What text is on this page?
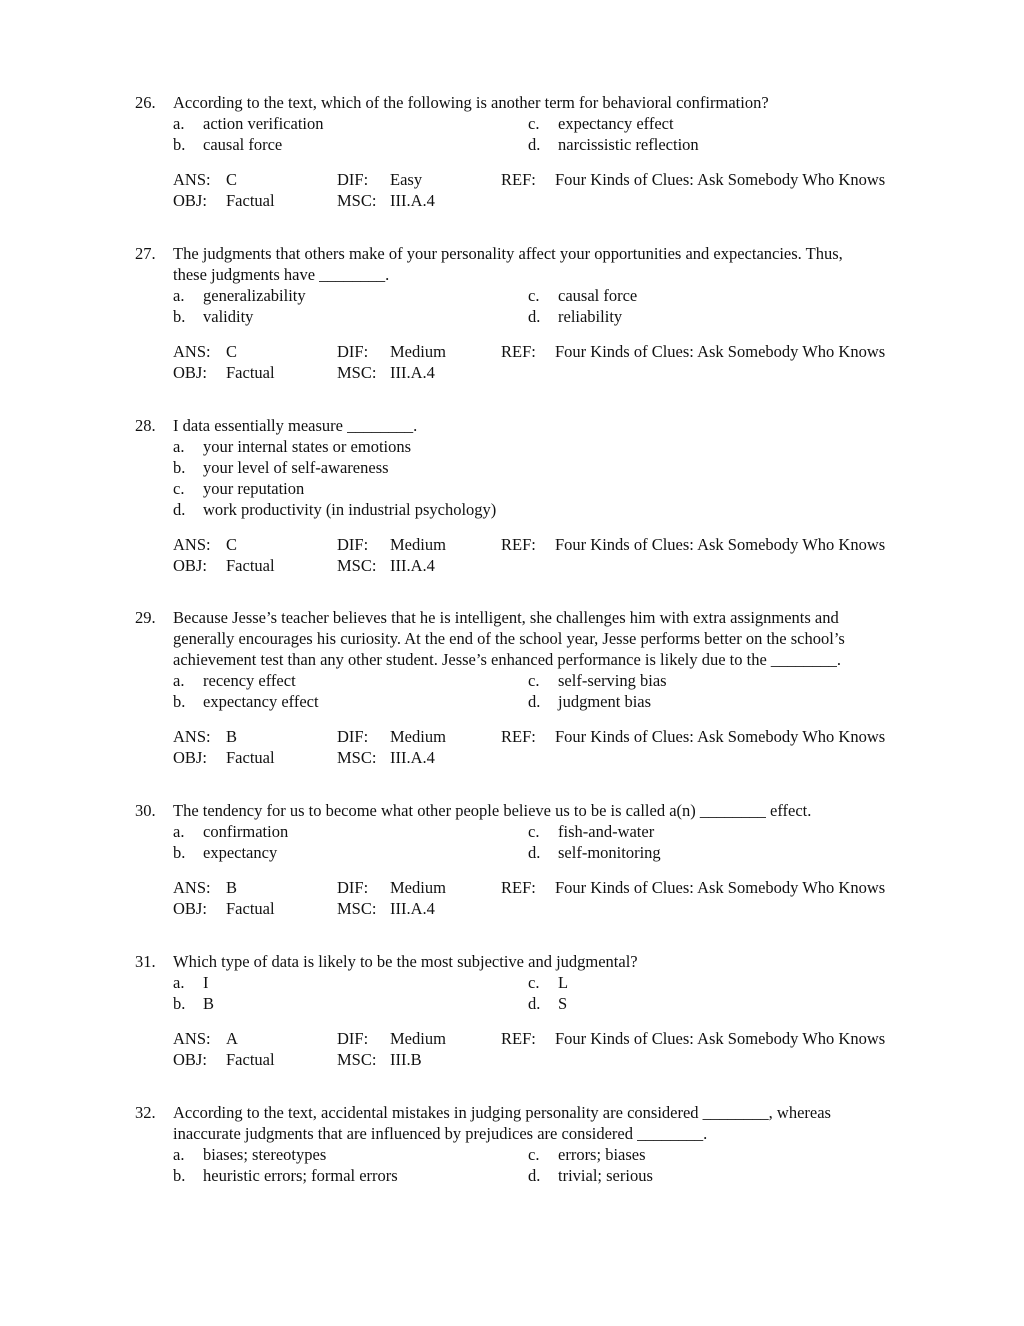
26.	According to the text, which of the following is another term for behavioral confirmation?
a.	action verification	c.	expectancy effect
b.	causal force	d.	narcissistic reflection
ANS: C	DIF:	Easy	REF:	Four Kinds of Clues: Ask Somebody Who Knows
OBJ:	Factual	MSC: III.A.4
27.	The judgments that others make of your personality affect your opportunities and expectancies. Thus,
these judgments have ________.
a.	generalizability	c.	causal force
b.	validity	d.	reliability
ANS: C	DIF:	Medium	REF:	Four Kinds of Clues: Ask Somebody Who Knows
OBJ:	Factual	MSC: III.A.4
28.	I data essentially measure ________.
a.	your internal states or emotions
b.	your level of self-awareness
c.	your reputation
d.	work productivity (in industrial psychology)
ANS: C	DIF:	Medium	REF:	Four Kinds of Clues: Ask Somebody Who Knows
OBJ:	Factual	MSC: III.A.4
29.	Because Jesse’s teacher believes that he is intelligent, she challenges him with extra assignments and
generally encourages his curiosity. At the end of the school year, Jesse performs better on the school’s
achievement test than any other student. Jesse’s enhanced performance is likely due to the ________.
a.	recency effect	c.	self-serving bias
b.	expectancy effect	d.	judgment bias
ANS: B	DIF:	Medium	REF:	Four Kinds of Clues: Ask Somebody Who Knows
OBJ:	Factual	MSC: III.A.4
30.	The tendency for us to become what other people believe us to be is called a(n) ________ effect.
a.	confirmation	c.	fish-and-water
b.	expectancy	d.	self-monitoring
ANS: B	DIF:	Medium	REF:	Four Kinds of Clues: Ask Somebody Who Knows
OBJ:	Factual	MSC: III.A.4
31.	Which type of data is likely to be the most subjective and judgmental?
a.	I	c.	L
b.	B	d.	S
ANS: A	DIF:	Medium	REF:	Four Kinds of Clues: Ask Somebody Who Knows
OBJ:	Factual	MSC: III.B
32.	According to the text, accidental mistakes in judging personality are considered ________, whereas
inaccurate judgments that are influenced by prejudices are considered ________.
a.	biases; stereotypes	c.	errors; biases
b.	heuristic errors; formal errors	d.	trivial; serious
